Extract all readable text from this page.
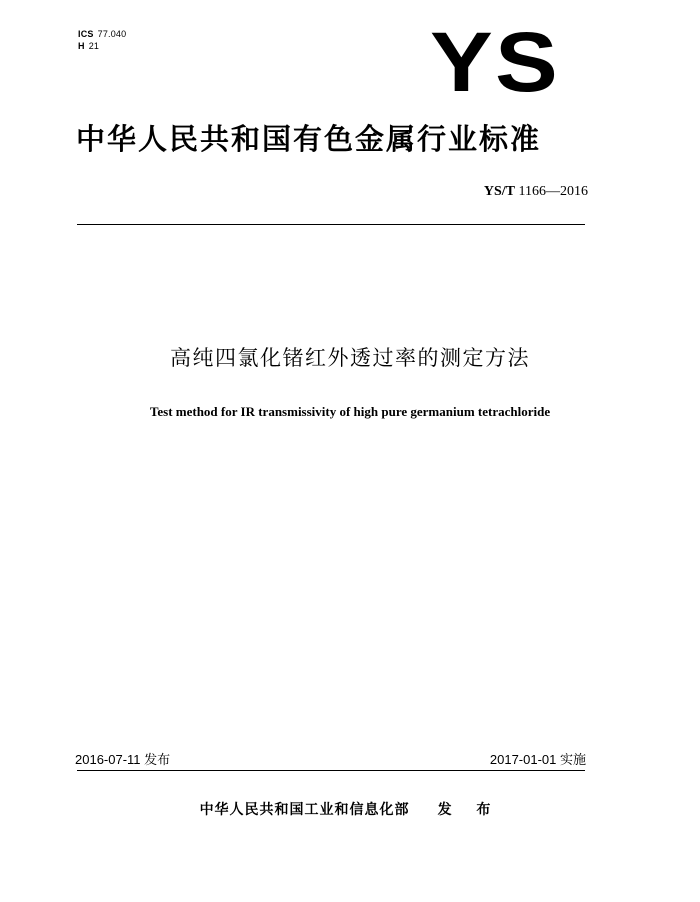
ICS 77.040
H 21	YS
中华人民共和国有色金属行业标准
YS/T 1166—2016
高纯四氯化锗红外透过率的测定方法
Test method for IR transmissivity of high pure germanium tetrachloride
2016-07-11 发布	2017-01-01 实施
中华人民共和国工业和信息化部 发 布
